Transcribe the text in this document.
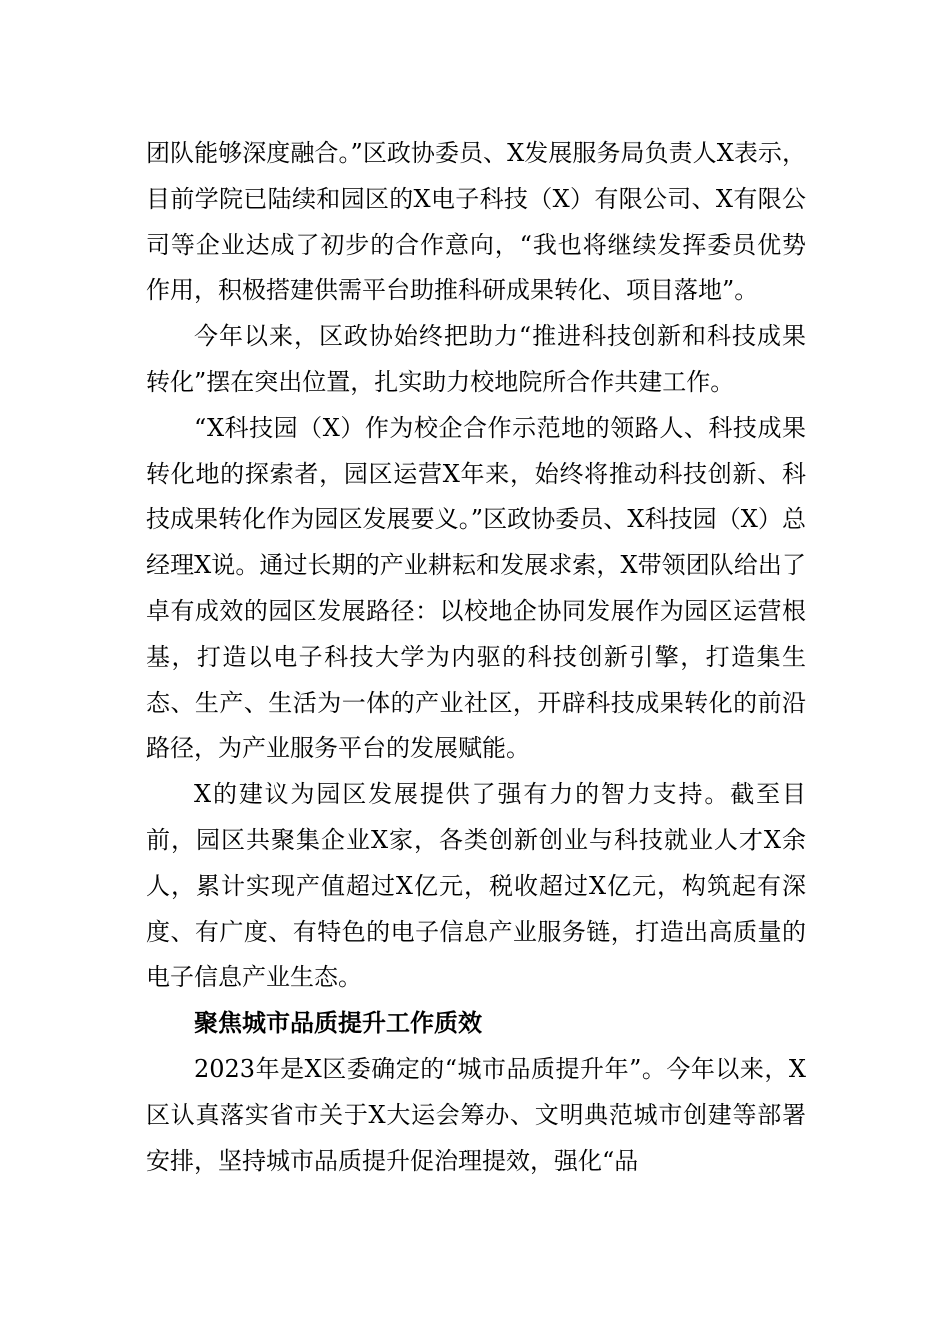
团队能够深度融合。”区政协委员、X发展服务局负责人X表示，目前学院已陆续和园区的X电子科技（X）有限公司、X有限公司等企业达成了初步的合作意向，“我也将继续发挥委员优势作用，积极搭建供需平台助推科研成果转化、项目落地”。

今年以来，区政协始终把助力“推进科技创新和科技成果转化”摆在突出位置，扎实助力校地院所合作共建工作。

“X科技园（X）作为校企合作示范地的领路人、科技成果转化地的探索者，园区运营X年来，始终将推动科技创新、科技成果转化作为园区发展要义。”区政协委员、X科技园（X）总经理X说。通过长期的产业耕耘和发展求索，X带领团队给出了卓有成效的园区发展路径：以校地企协同发展作为园区运营根基，打造以电子科技大学为内驱的科技创新引擎，打造集生态、生产、生活为一体的产业社区，开辟科技成果转化的前沿路径，为产业服务平台的发展赋能。

X的建议为园区发展提供了强有力的智力支持。截至目前，园区共聚集企业X家，各类创新创业与科技就业人才X余人，累计实现产值超过X亿元，税收超过X亿元，构筑起有深度、有广度、有特色的电子信息产业服务链，打造出高质量的电子信息产业生态。

聚焦城市品质提升工作质效

2023年是X区委确定的“城市品质提升年”。今年以来，X区认真落实省市关于X大运会筹办、文明典范城市创建等部署安排，坚持城市品质提升促治理提效，强化“品
